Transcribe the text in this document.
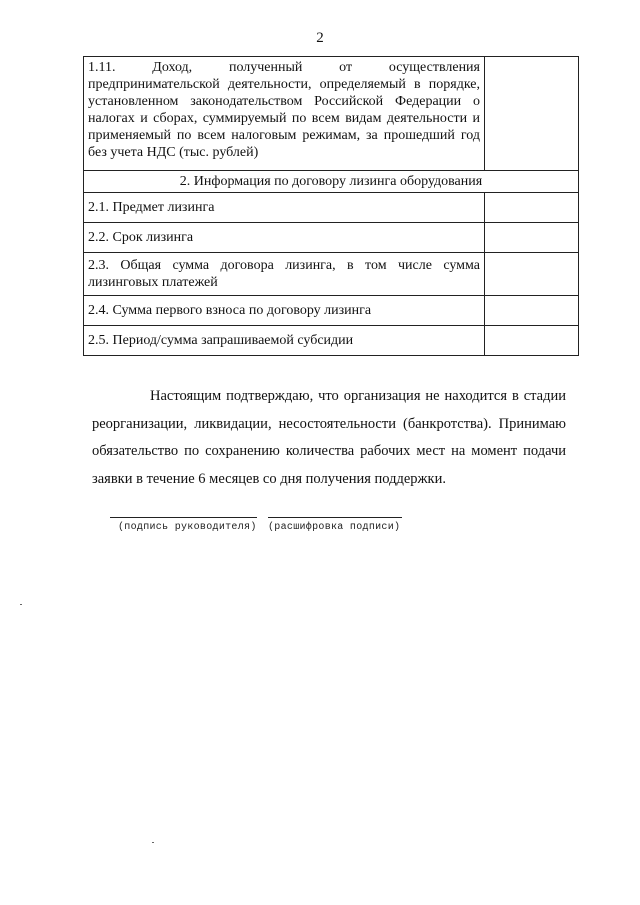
2
1.11. Доход, полученный от осуществления предпринимательской деятельности, определяемый в порядке, установленном законодательством Российской Федерации о налогах и сборах, суммируемый по всем видам деятельности и применяемый по всем налоговым режимам, за прошедший год без учета НДС (тыс. рублей)	
2. Информация по договору лизинга оборудования	
2.1. Предмет лизинга	
2.2. Срок лизинга	
2.3. Общая сумма договора лизинга, в том числе сумма лизинговых платежей	
2.4. Сумма первого взноса по договору лизинга	
2.5. Период/сумма запрашиваемой субсидии	
Настоящим подтверждаю, что организация не находится в стадии реорганизации, ликвидации, несостоятельности (банкротства). Принимаю обязательство по сохранению количества рабочих мест на момент подачи заявки в течение 6 месяцев со дня получения поддержки.
(подпись руководителя) (расшифровка подписи)
